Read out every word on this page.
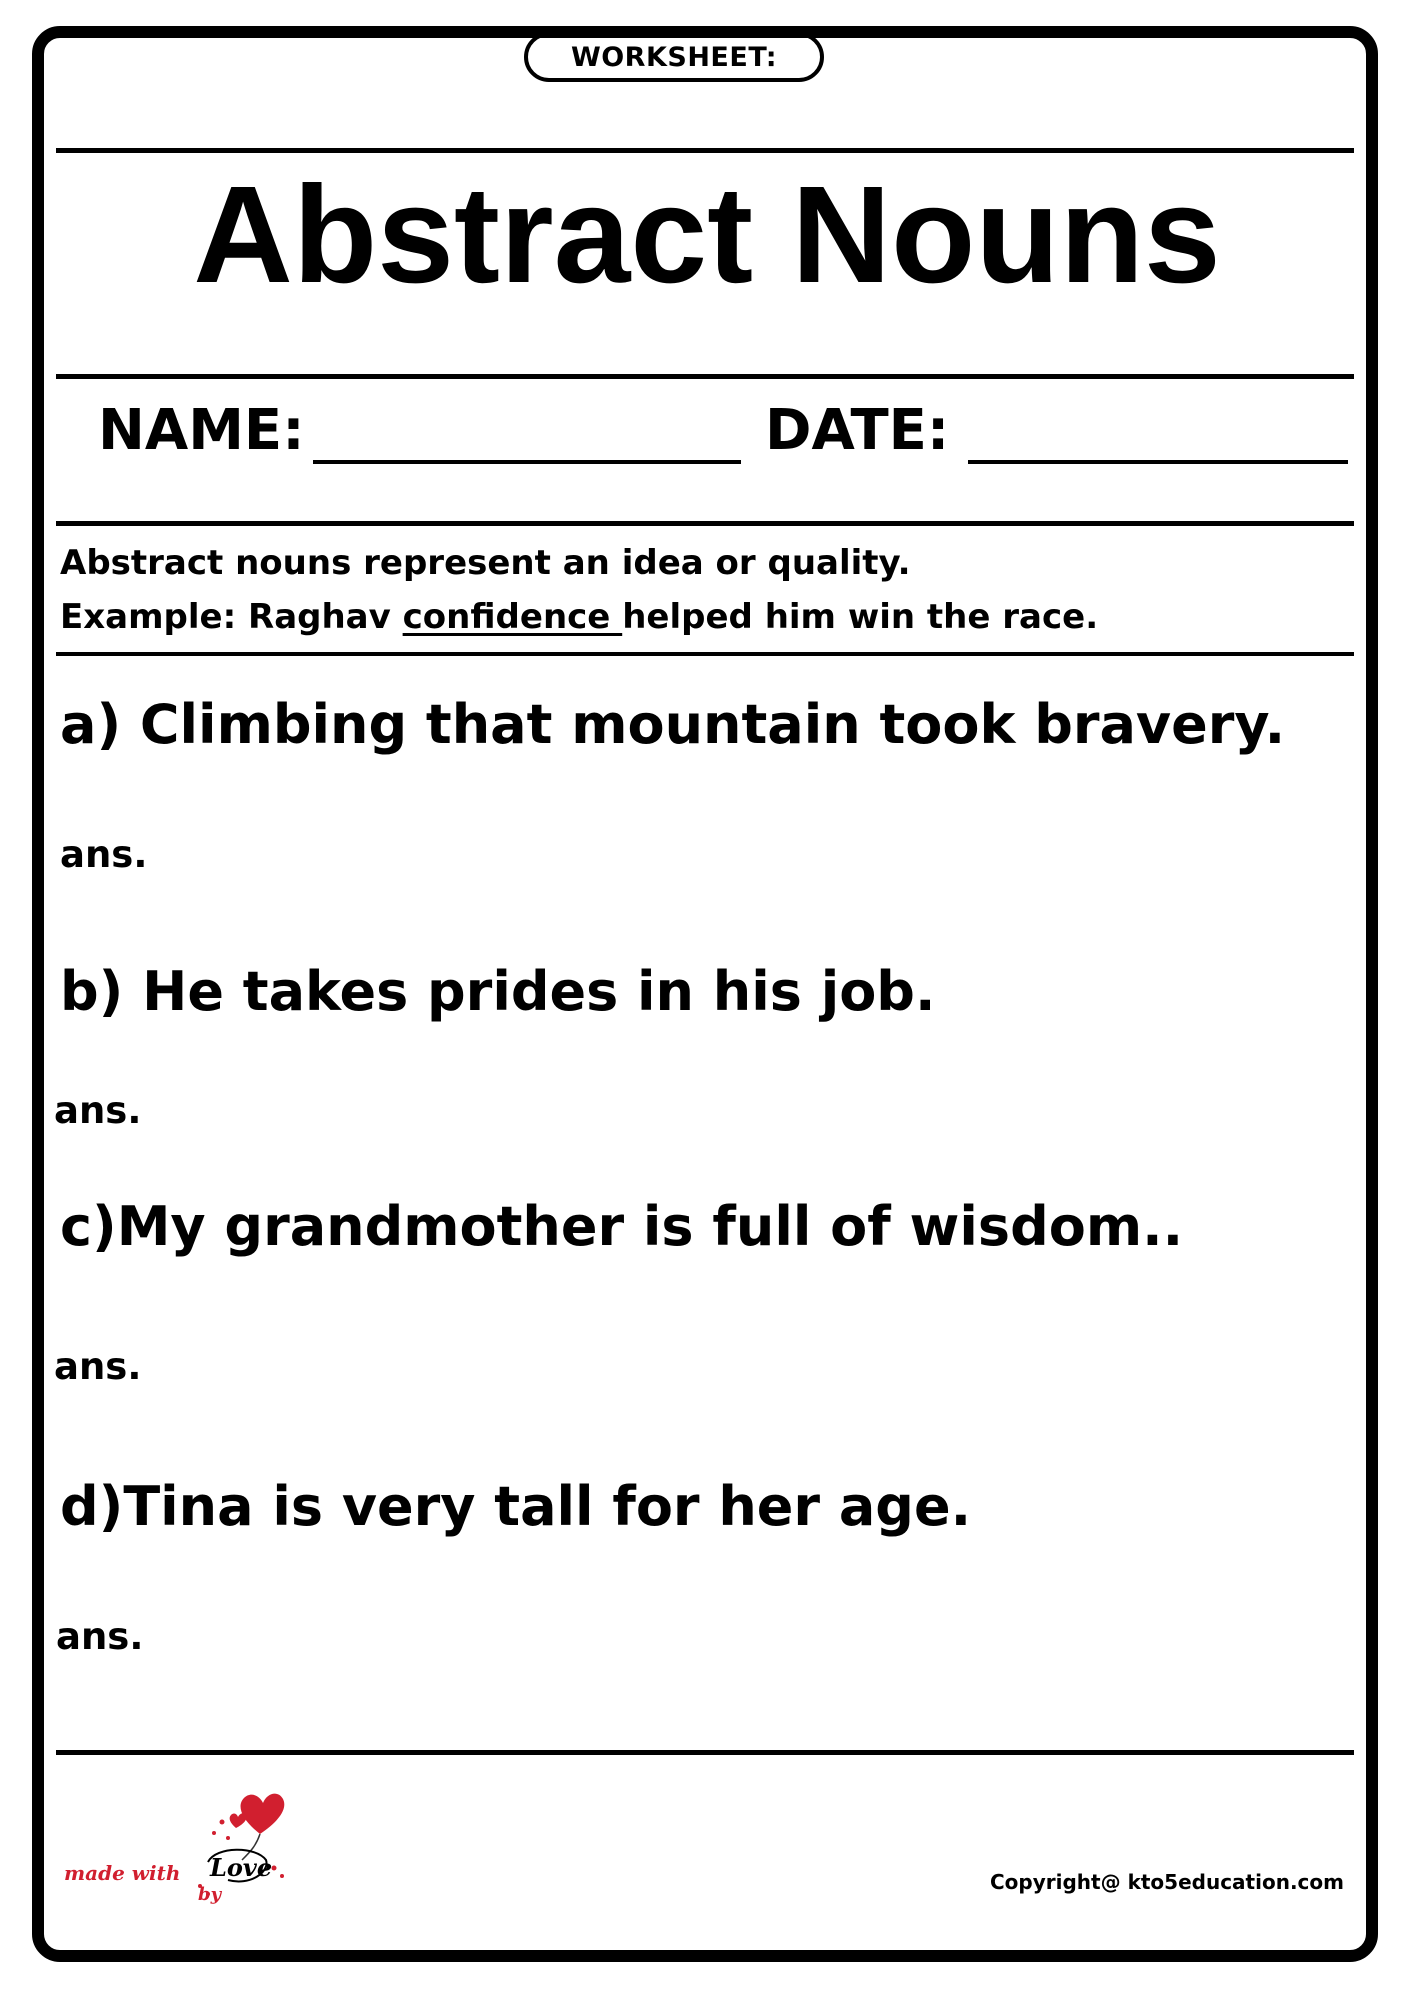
WORKSHEET:
Abstract Nouns
NAME:	DATE:
Abstract nouns represent an idea or quality.
Example: Raghav confidence helped him win the race.
a) Climbing that mountain took bravery.
ans.
b) He takes prides in his job.
ans.
c)My grandmother is full of wisdom..
ans.
d)Tina is very tall for her age.
ans.
made with Love
by
Copyright@ kto5education.com
